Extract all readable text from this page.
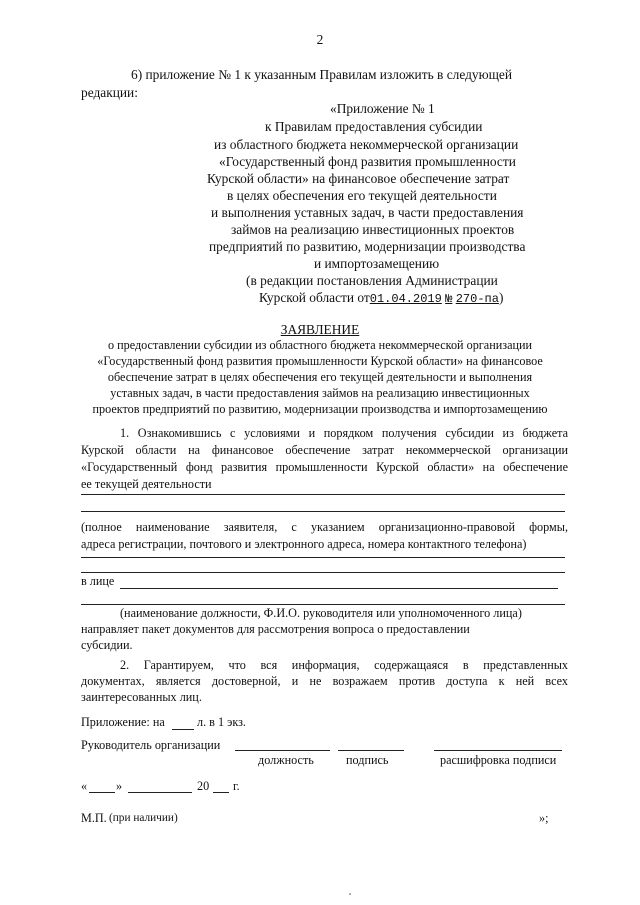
2
6) приложение № 1 к указанным Правилам изложить в следующей
редакции:
«Приложение № 1
к Правилам предоставления субсидии
из областного бюджета некоммерческой организации
«Государственный фонд развития промышленности
Курской области» на финансовое обеспечение затрат
в целях обеспечения его текущей деятельности
и выполнения уставных задач, в части предоставления
займов на реализацию инвестиционных проектов
предприятий по развитию, модернизации производства
и импортозамещению
(в редакции постановления Администрации
Курской области от01.04.2019 № 270-па)
ЗАЯВЛЕНИЕ
о предоставлении субсидии из областного бюджета некоммерческой организации
«Государственный фонд развития промышленности Курской области» на финансовое
обеспечение затрат в целях обеспечения его текущей деятельности и выполнения
уставных задач, в части предоставления займов на реализацию инвестиционных
проектов предприятий по развитию, модернизации производства и импортозамещению
1. Ознакомившись с условиями и порядком получения субсидии из бюджета
Курской области на финансовое обеспечение затрат некоммерческой организации
«Государственный фонд развития промышленности Курской области» на обеспечение
ее текущей деятельности
(полное наименование заявителя, с указанием организационно-правовой формы,
адреса регистрации, почтового и электронного адреса, номера контактного телефона)
в лице
(наименование должности, Ф.И.О. руководителя или уполномоченного лица)
направляет пакет документов для рассмотрения вопроса о предоставлении
субсидии.
2. Гарантируем, что вся информация, содержащаяся в представленных
документах, является достоверной, и не возражаем против доступа к ней всех
заинтересованных лиц.
Приложение: на	л. в 1 экз.
Руководитель организации
должность	подпись	расшифровка подписи
« »	20 г.
М.П. (при наличии)	»;
